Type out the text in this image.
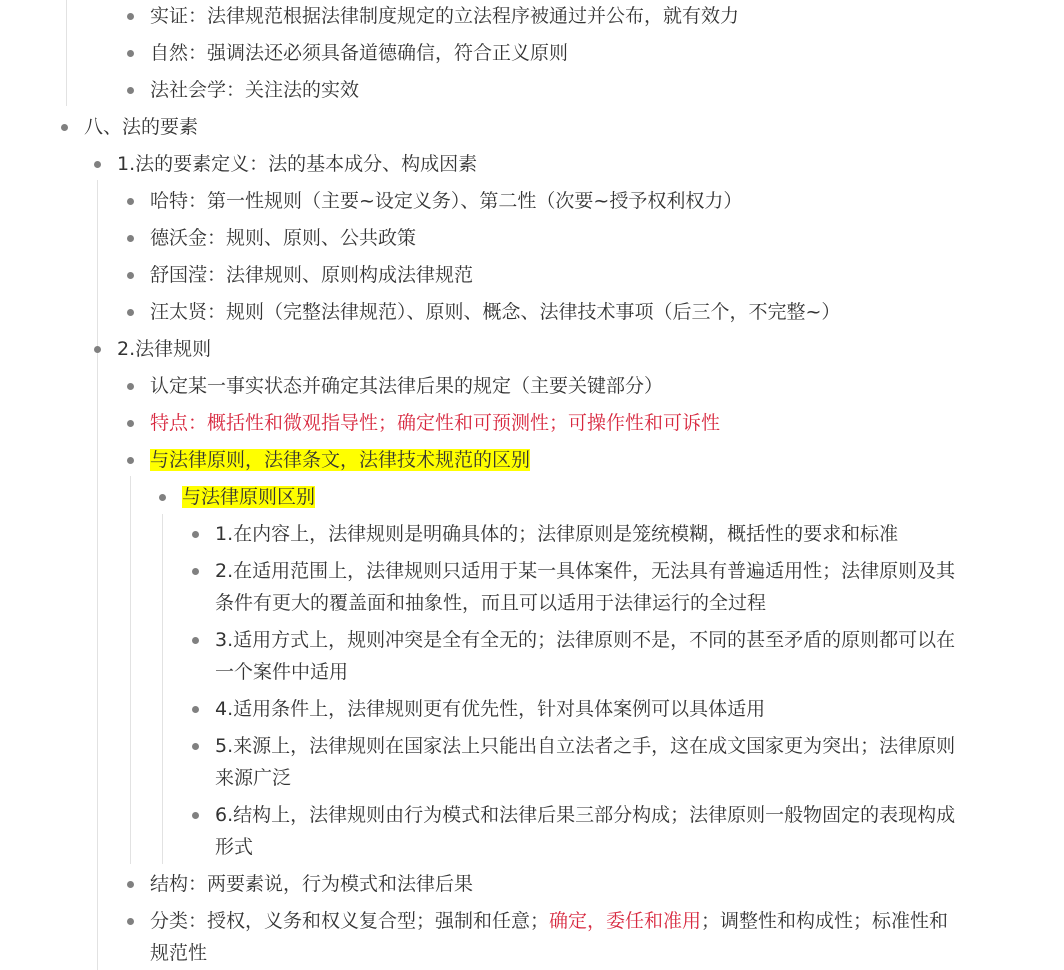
实证：法律规范根据法律制度规定的立法程序被通过并公布，就有效力
自然：强调法还必须具备道德确信，符合正义原则
法社会学：关注法的实效
八、法的要素
1.法的要素定义：法的基本成分、构成因素
哈特：第一性规则（主要~设定义务）、第二性（次要~授予权利权力）
德沃金：规则、原则、公共政策
舒国滢：法律规则、原则构成法律规范
汪太贤：规则（完整法律规范）、原则、概念、法律技术事项（后三个，不完整~）
2.法律规则
认定某一事实状态并确定其法律后果的规定（主要关键部分）
特点：概括性和微观指导性；确定性和可预测性；可操作性和可诉性
与法律原则，法律条文，法律技术规范的区别
与法律原则区别
1.在内容上，法律规则是明确具体的；法律原则是笼统模糊，概括性的要求和标准
2.在适用范围上，法律规则只适用于某一具体案件，无法具有普遍适用性；法律原则及其
条件有更大的覆盖面和抽象性，而且可以适用于法律运行的全过程
3.适用方式上，规则冲突是全有全无的；法律原则不是，不同的甚至矛盾的原则都可以在
一个案件中适用
4.适用条件上，法律规则更有优先性，针对具体案例可以具体适用
5.来源上，法律规则在国家法上只能出自立法者之手，这在成文国家更为突出；法律原则
来源广泛
6.结构上，法律规则由行为模式和法律后果三部分构成；法律原则一般物固定的表现构成
形式
结构：两要素说，行为模式和法律后果
分类：授权，义务和权义复合型；强制和任意；确定，委任和准用；调整性和构成性；标准性和
规范性
